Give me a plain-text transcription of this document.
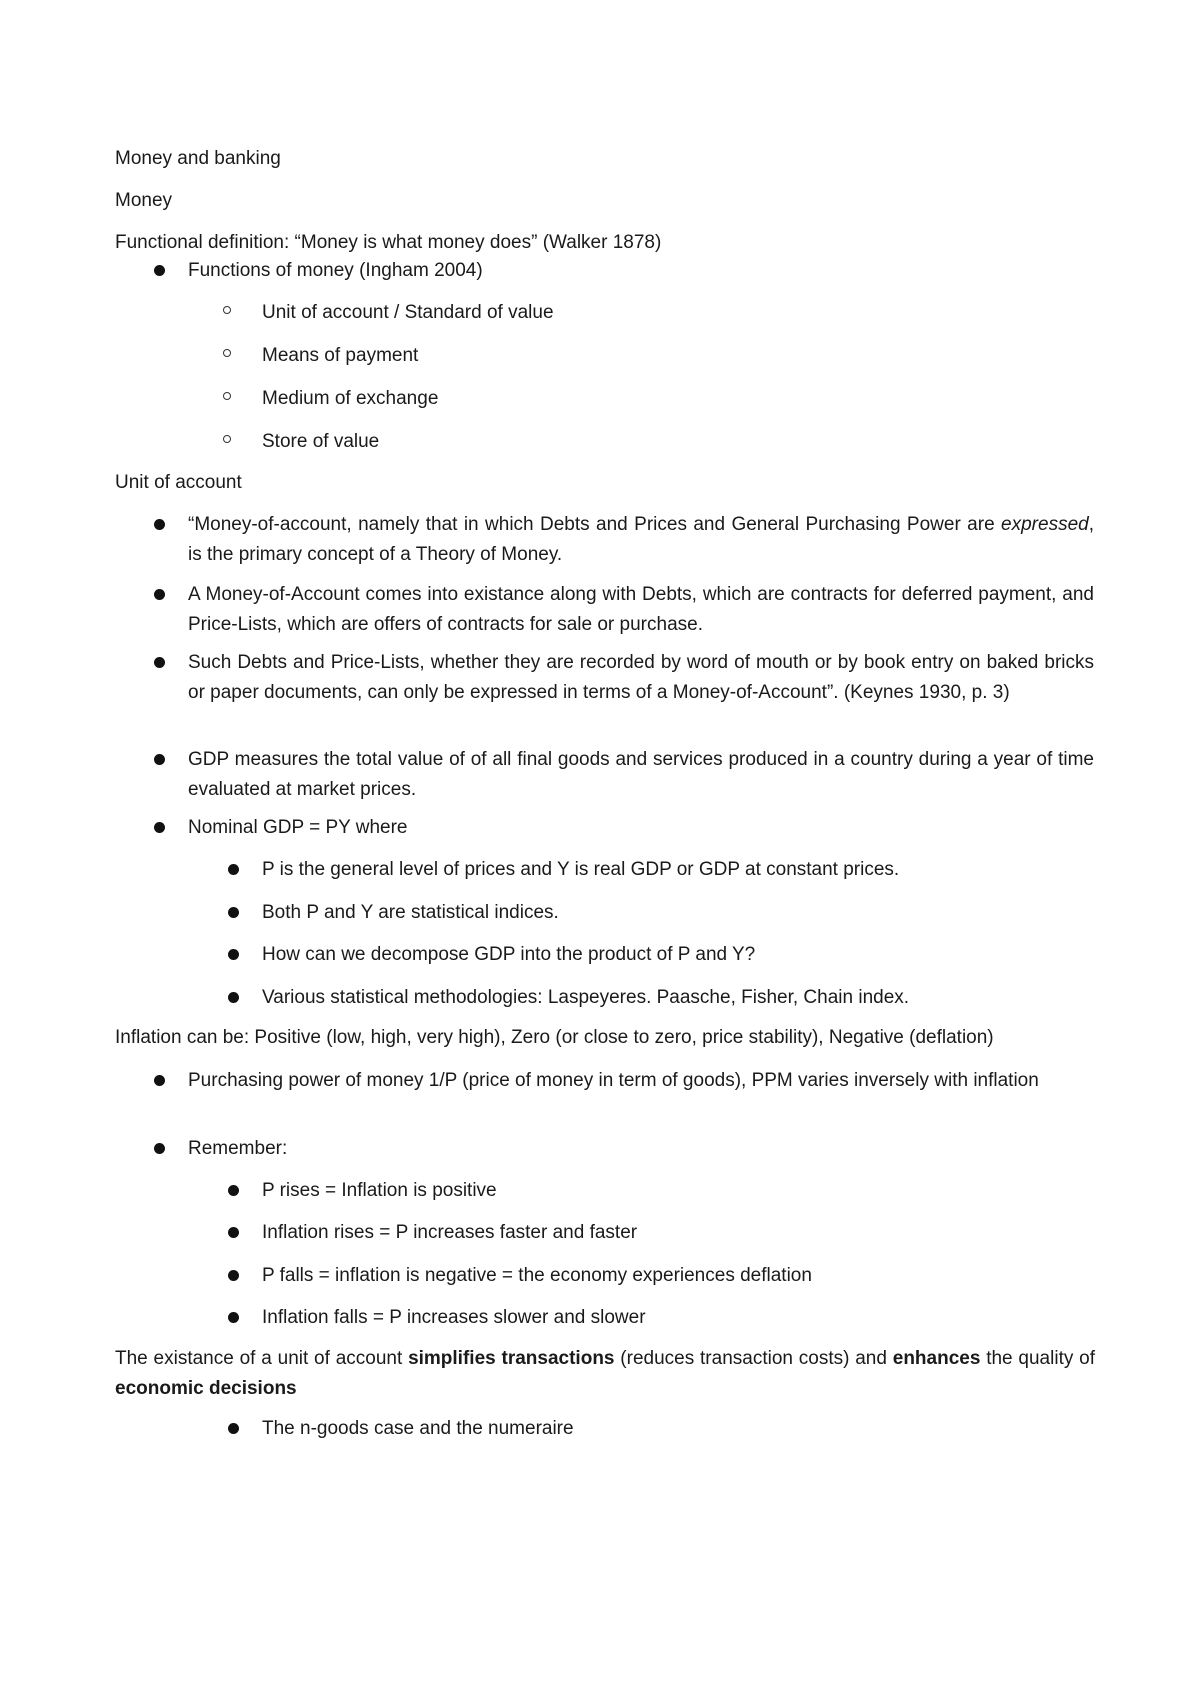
Money and banking
Money
Functional definition: “Money is what money does” (Walker 1878)
Functions of money (Ingham 2004)
Unit of account / Standard of value
Means of payment
Medium of exchange
Store of value
Unit of account
“Money-of-account, namely that in which Debts and Prices and General Purchasing Power are expressed, is the primary concept of a Theory of Money.
A Money-of-Account comes into existance along with Debts, which are contracts for deferred payment, and Price-Lists, which are offers of contracts for sale or purchase.
Such Debts and Price-Lists, whether they are recorded by word of mouth or by book entry on baked bricks or paper documents, can only be expressed in terms of a Money-of-Account”. (Keynes 1930, p. 3)
GDP measures the total value of of all final goods and services produced in a country during a year of time evaluated at market prices.
Nominal GDP = PY where
P is the general level of prices and Y is real GDP or GDP at constant prices.
Both P and Y are statistical indices.
How can we decompose GDP into the product of P and Y?
Various statistical methodologies: Laspeyeres. Paasche, Fisher, Chain index.
Inflation can be: Positive (low, high, very high), Zero (or close to zero, price stability), Negative (deflation)
Purchasing power of money 1/P (price of money in term of goods), PPM varies inversely with inflation
Remember:
P rises = Inflation is positive
Inflation rises = P increases faster and faster
P falls = inflation is negative = the economy experiences deflation
Inflation falls = P increases slower and slower
The existance of a unit of account simplifies transactions (reduces transaction costs) and enhances the quality of economic decisions
The n-goods case and the numeraire
